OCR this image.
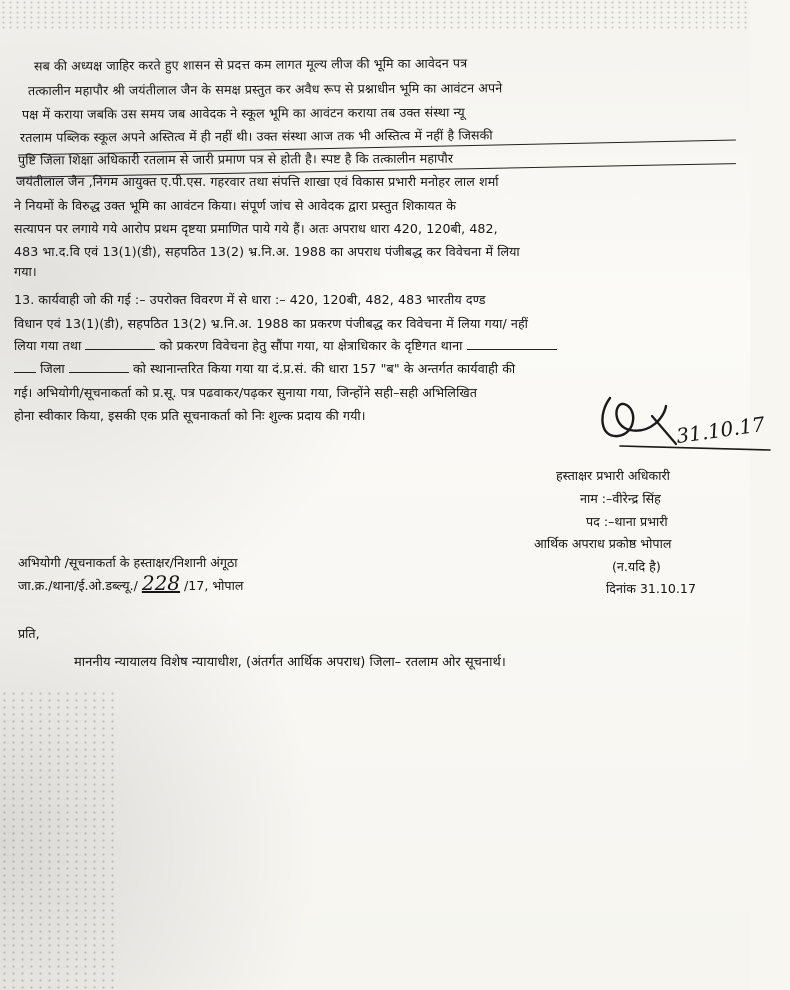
सब की अध्यक्ष जाहिर करते हुए शासन से प्रदत्त कम लागत मूल्य लीज की भूमि का आवेदन पत्र
तत्कालीन महापौर श्री जयंतीलाल जैन के समक्ष प्रस्तुत कर अवैध रूप से प्रश्नाधीन भूमि का आवंटन अपने
पक्ष में कराया जबकि उस समय जब आवेदक ने स्कूल भूमि का आवंटन कराया तब उक्त संस्था न्यू
रतलाम पब्लिक स्कूल अपने अस्तित्व में ही नहीं थी। उक्त संस्था आज तक भी अस्तित्व में नहीं है जिसकी
पुष्टि जिला शिक्षा अधिकारी रतलाम से जारी प्रमाण पत्र से होती है। स्पष्ट है कि तत्कालीन महापौर
जयंतीलाल जैन ,निगम आयुक्त ए.पी.एस. गहरवार तथा संपत्ति शाखा एवं विकास प्रभारी मनोहर लाल शर्मा
ने नियमों के विरुद्ध उक्त भूमि का आवंटन किया। संपूर्ण जांच से आवेदक द्वारा प्रस्तुत शिकायत के
सत्यापन पर लगाये गये आरोप प्रथम दृष्टया प्रमाणित पाये गये हैं। अतः अपराध धारा 420, 120बी, 482,
483 भा.द.वि एवं 13(1)(डी), सहपठित 13(2) भ्र.नि.अ. 1988 का अपराध पंजीबद्ध कर विवेचना में लिया
गया।
13. कार्यवाही जो की गई :– उपरोक्त विवरण में से धारा :– 420, 120बी, 482, 483 भारतीय दण्ड
विधान एवं 13(1)(डी), सहपठित 13(2) भ्र.नि.अ. 1988 का प्रकरण पंजीबद्ध कर विवेचना में लिया गया/ नहीं
लिया गया तथा	को प्रकरण विवेचना हेतु सौंपा गया, या क्षेत्राधिकार के दृष्टिगत थाना
जिला	को स्थानान्तरित किया गया या दं.प्र.सं. की धारा 157 "ब" के अन्तर्गत कार्यवाही की
गई। अभियोगी/सूचनाकर्ता को प्र.सू. पत्र पढवाकर/पढ़कर सुनाया गया, जिन्होंने सही–सही अभिलिखित
होना स्वीकार किया, इसकी एक प्रति सूचनाकर्ता को निः शुल्क प्रदाय की गयी।	31.10.17
हस्ताक्षर प्रभारी अधिकारी
नाम :–वीरेन्द्र सिंह
पद :–थाना प्रभारी
आर्थिक अपराध प्रकोष्ठ भोपाल
(न.यदि है)
दिनांक 31.10.17
अभियोगी /सूचनाकर्ता के हस्ताक्षर/निशानी अंगूठा
जा.क्र./थाना/ई.ओ.डब्ल्यू./ 228 /17, भोपाल
प्रति,
माननीय न्यायालय विशेष न्यायाधीश, (अंतर्गत आर्थिक अपराध) जिला– रतलाम ओर सूचनार्थ।
